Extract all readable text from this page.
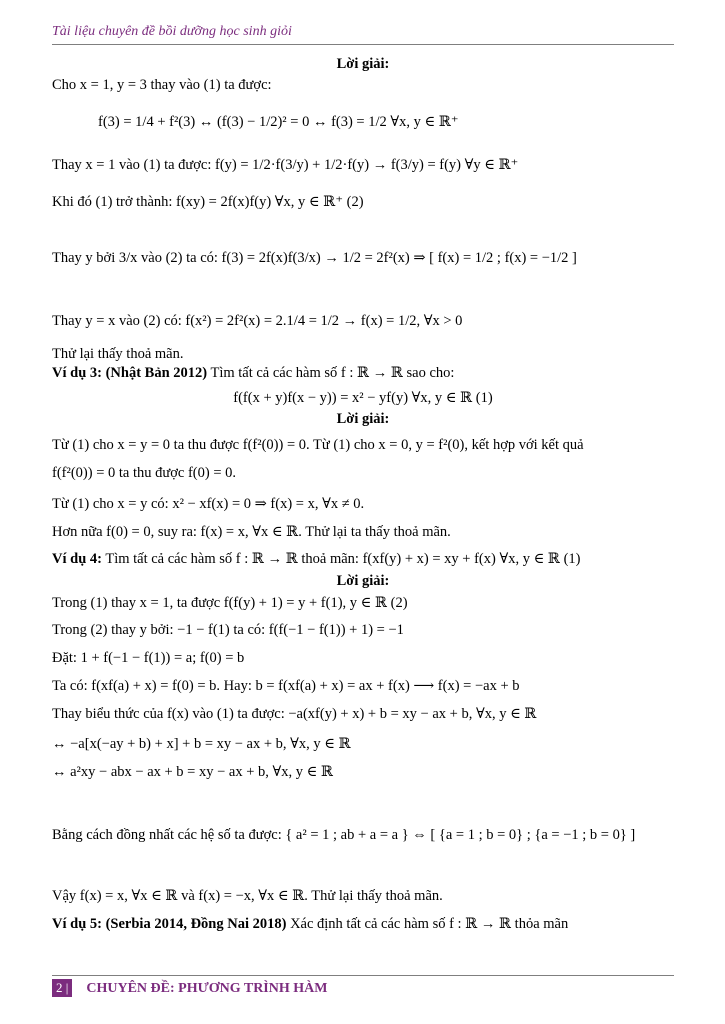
Tài liệu chuyên đề bồi dưỡng học sinh giỏi
Lời giải:
Cho x = 1, y = 3 thay vào (1) ta được:
f(3) = 1/4 + f²(3) ↔ (f(3) − 1/2)² = 0 ↔ f(3) = 1/2 ∀x, y ∈ ℝ⁺
Thay x = 1 vào (1) ta được: f(y) = 1/2·f(3/y) + 1/2·f(y) → f(3/y) = f(y) ∀y ∈ ℝ⁺
Khi đó (1) trở thành: f(xy) = 2f(x)f(y) ∀x, y ∈ ℝ⁺ (2)
Thay y bởi 3/x vào (2) ta có: f(3) = 2f(x)f(3/x) → 1/2 = 2f²(x) ⇒ [ f(x) = 1/2 ; f(x) = −1/2 ]
Thay y = x vào (2) có: f(x²) = 2f²(x) = 2.1/4 = 1/2 → f(x) = 1/2, ∀x > 0
Thử lại thấy thoả mãn.
Ví dụ 3: (Nhật Bản 2012) Tìm tất cả các hàm số f : ℝ → ℝ sao cho:
f(f(x + y)f(x − y)) = x² − yf(y) ∀x, y ∈ ℝ (1)
Lời giải:
Từ (1) cho x = y = 0 ta thu được f(f²(0)) = 0. Từ (1) cho x = 0, y = f²(0), kết hợp với kết quả
f(f²(0)) = 0 ta thu được f(0) = 0.
Từ (1) cho x = y có: x² − xf(x) = 0 ⇒ f(x) = x, ∀x ≠ 0.
Hơn nữa f(0) = 0, suy ra: f(x) = x, ∀x ∈ ℝ. Thử lại ta thấy thoả mãn.
Ví dụ 4: Tìm tất cả các hàm số f : ℝ → ℝ thoả mãn: f(xf(y) + x) = xy + f(x) ∀x, y ∈ ℝ (1)
Lời giải:
Trong (1) thay x = 1, ta được f(f(y) + 1) = y + f(1), y ∈ ℝ (2)
Trong (2) thay y bởi: −1 − f(1) ta có: f(f(−1 − f(1)) + 1) = −1
Đặt: 1 + f(−1 − f(1)) = a; f(0) = b
Ta có: f(xf(a) + x) = f(0) = b. Hay: b = f(xf(a) + x) = ax + f(x) ⟶ f(x) = −ax + b
Thay biểu thức của f(x) vào (1) ta được: −a(xf(y) + x) + b = xy − ax + b, ∀x, y ∈ ℝ
↔ −a[x(−ay + b) + x] + b = xy − ax + b, ∀x, y ∈ ℝ
↔ a²xy − abx − ax + b = xy − ax + b, ∀x, y ∈ ℝ
Bằng cách đồng nhất các hệ số ta được: { a² = 1 ; ab + a = a } ⇔ [ {a = 1 ; b = 0} ; {a = −1 ; b = 0} ]
Vậy f(x) = x, ∀x ∈ ℝ và f(x) = −x, ∀x ∈ ℝ. Thử lại thấy thoả mãn.
Ví dụ 5: (Serbia 2014, Đồng Nai 2018) Xác định tất cả các hàm số f : ℝ → ℝ thỏa mãn
2 | CHUYÊN ĐỀ: PHƯƠNG TRÌNH HÀM
